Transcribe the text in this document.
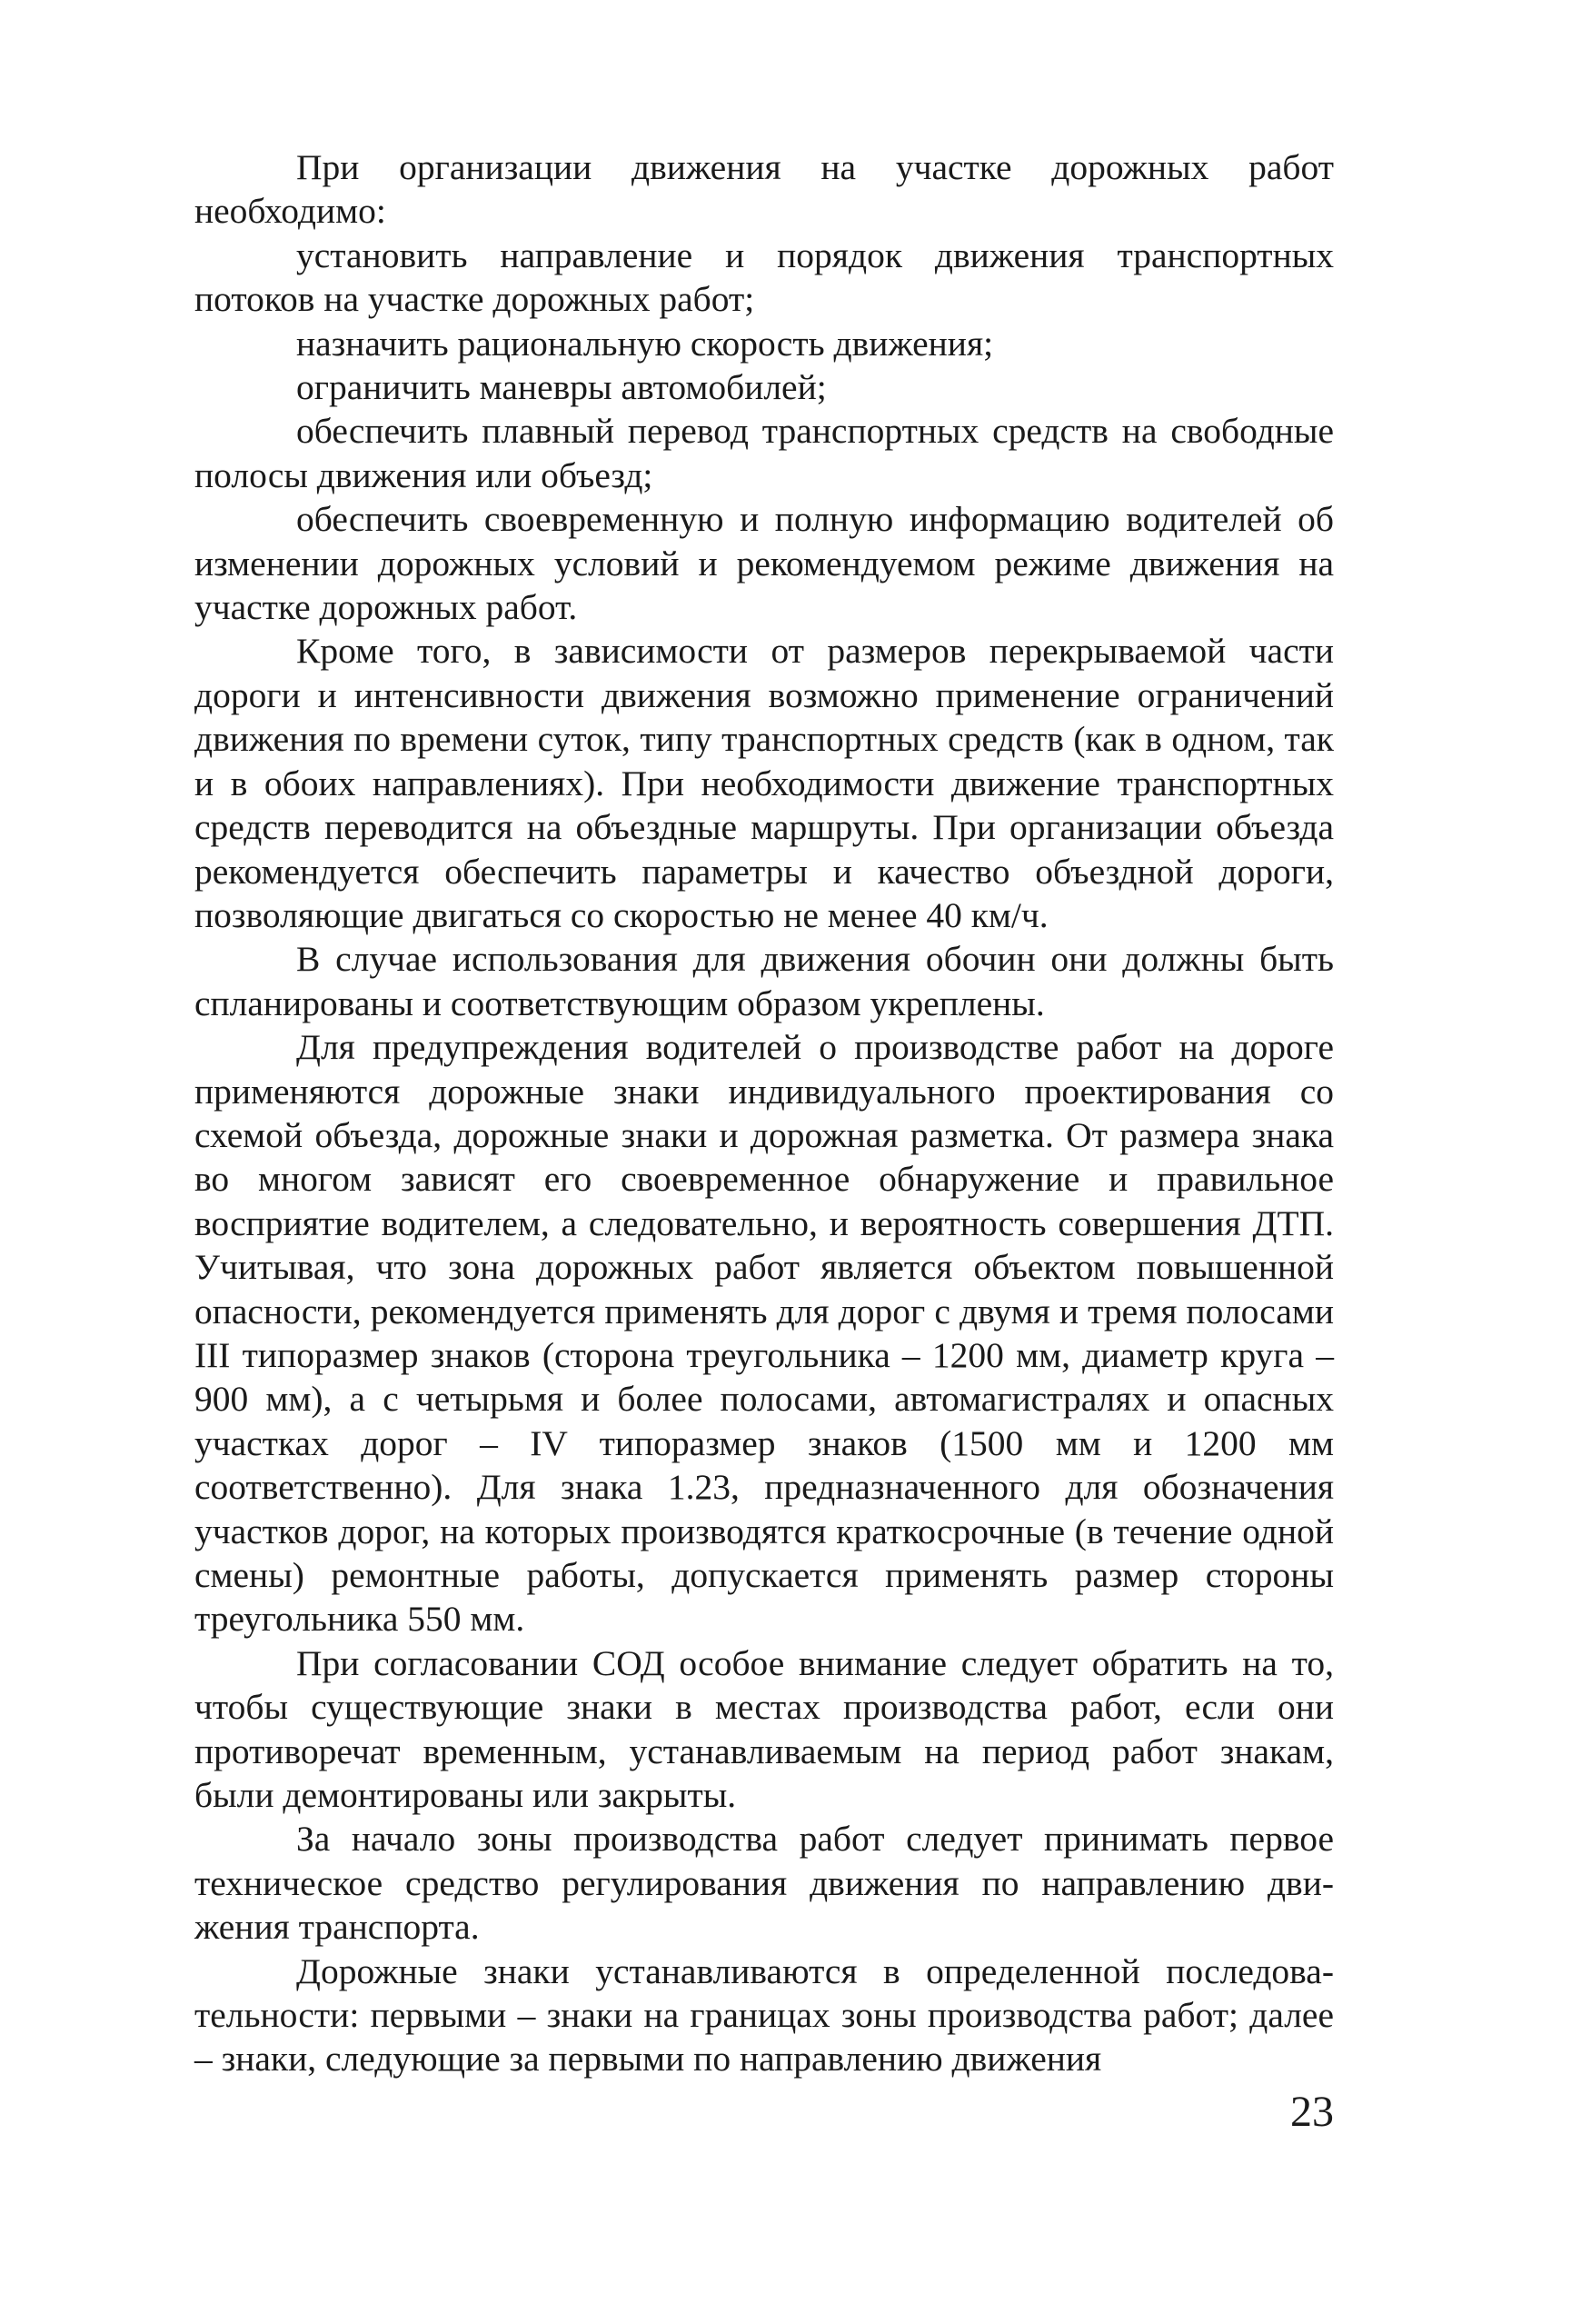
При организации движения на участке дорожных работ необходимо:

установить направление и порядок движения транспортных потоков на участке дорожных работ;

назначить рациональную скорость движения;

ограничить маневры автомобилей;

обеспечить плавный перевод транспортных средств на свободные полосы движения или объезд;

обеспечить своевременную и полную информацию водителей об изменении дорожных условий и рекомендуемом режиме движения на участке дорожных работ.

Кроме того, в зависимости от размеров перекрываемой части дороги и интенсивности движения возможно применение ограничений движения по времени суток, типу транспортных средств (как в одном, так и в обоих направлениях). При необходимости движение транспортных средств переводится на объездные маршруты. При организации объезда рекомендуется обеспечить параметры и качество объездной дороги, позволяющие двигаться со скоростью не менее 40 км/ч.

В случае использования для движения обочин они должны быть спланированы и соответствующим образом укреплены.

Для предупреждения водителей о производстве работ на дороге применяются дорожные знаки индивидуального проектирования со схемой объезда, дорожные знаки и дорожная разметка. От размера знака во многом зависят его своевременное обнаружение и правильное восприятие водителем, а следовательно, и вероятность совершения ДТП. Учитывая, что зона дорожных работ является объектом повышенной опасности, рекомендуется применять для дорог с двумя и тремя полосами III типоразмер знаков (сторона треугольника – 1200 мм, диаметр круга – 900 мм), а с четырьмя и более полосами, автомагистралях и опасных участках дорог – IV типоразмер знаков (1500 мм и 1200 мм соответственно). Для знака 1.23, предназначенного для обозначения участков дорог, на которых производятся краткосрочные (в течение одной смены) ремонтные работы, допускается применять размер стороны треугольника 550 мм.

При согласовании СОД особое внимание следует обратить на то, чтобы существующие знаки в местах производства работ, если они противоречат временным, устанавливаемым на период работ знакам, были демонтированы или закрыты.

За начало зоны производства работ следует принимать первое техническое средство регулирования движения по направлению движения транспорта.

Дорожные знаки устанавливаются в определенной последовательности: первыми – знаки на границах зоны производства работ; далее – знаки, следующие за первыми по направлению движения

23
